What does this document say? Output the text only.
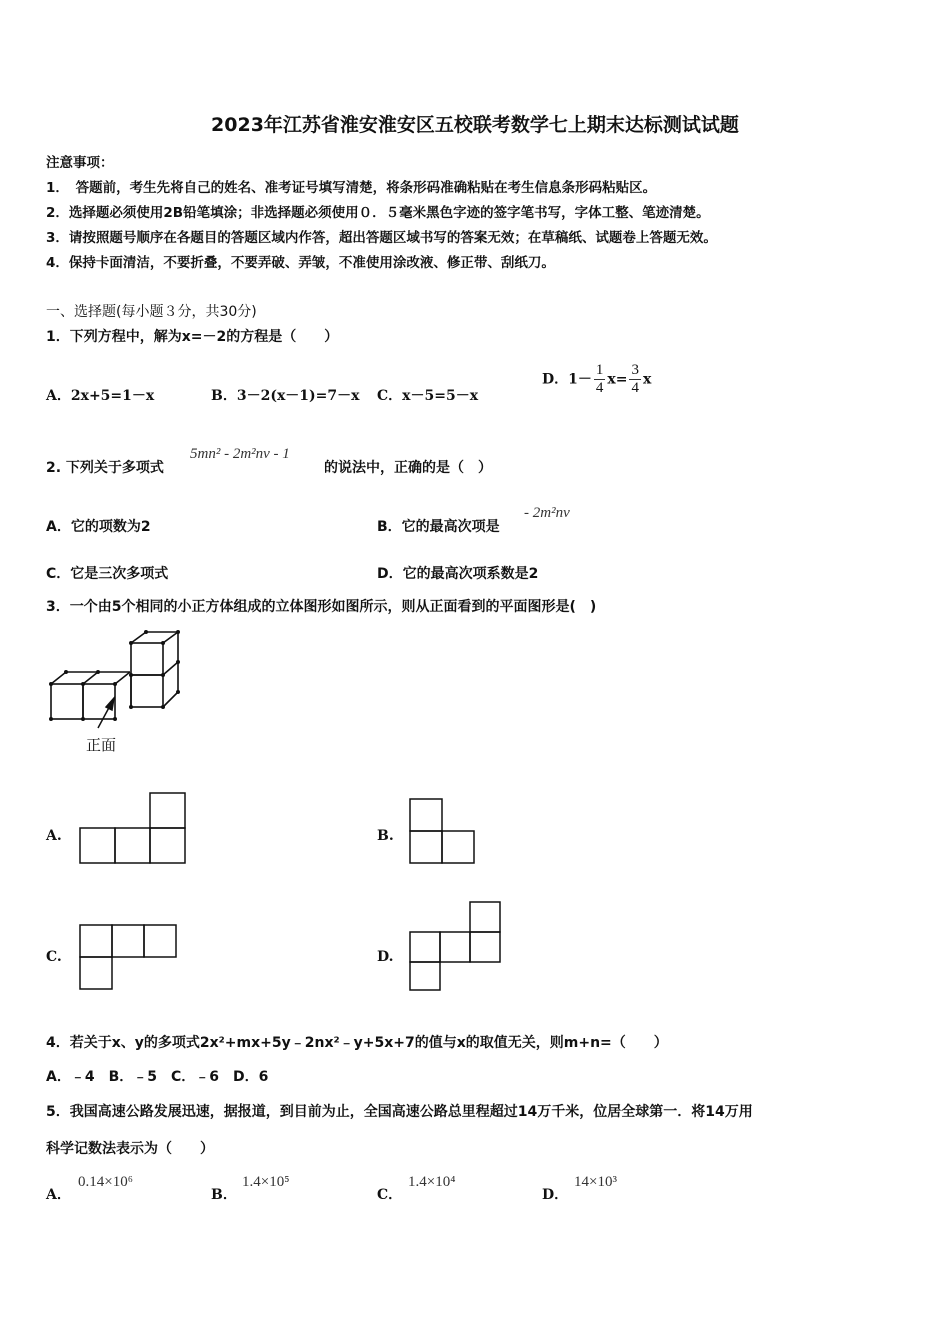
2023年江苏省淮安淮安区五校联考数学七上期末达标测试试题
注意事项：
1．　答题前，考生先将自己的姓名、准考证号填写清楚，将条形码准确粘贴在考生信息条形码粘贴区。
2．选择题必须使用2B铅笔填涂；非选择题必须使用０．５毫米黑色字迹的签字笔书写，字体工整、笔迹清楚。
3．请按照题号顺序在各题目的答题区域内作答，超出答题区域书写的答案无效；在草稿纸、试题卷上答题无效。
4．保持卡面清洁，不要折叠，不要弄破、弄皱，不准使用涂改液、修正带、刮纸刀。
一、选择题(每小题３分，共30分)
1．下列方程中，解为x=－2的方程是（　　）
A．2x+5=1－x	B．3－2(x－1)=7－x C．x－5=5－x
D．$1- \frac{1}{4} x= \frac{3}{4}$ x
2. 下列关于多项式
5mn² - 2m²nv - 1
的说法中，正确的是（　）
A．它的项数为2	B．它的最高次项是
- 2m²nv
C．它是三次多项式	D．它的最高次项系数是2
3．一个由5个相同的小正方体组成的立体图形如图所示，则从正面看到的平面图形是(　)
正面
A.	B.
C.	D.
4．若关于x、y的多项式2x²+mx+5y﹣2nx²﹣y+5x+7的值与x的取值无关，则m+n=（　　）
A．﹣4　B．﹣5　C．﹣6　D．6
5．我国高速公路发展迅速，据报道，到目前为止，全国高速公路总里程超过14万千米，位居全球第一．将14万用
科学记数法表示为（　　）
A．
0.14×10⁶
B．
1.4×10⁵
C．
1.4×10⁴
D．
14×10³
